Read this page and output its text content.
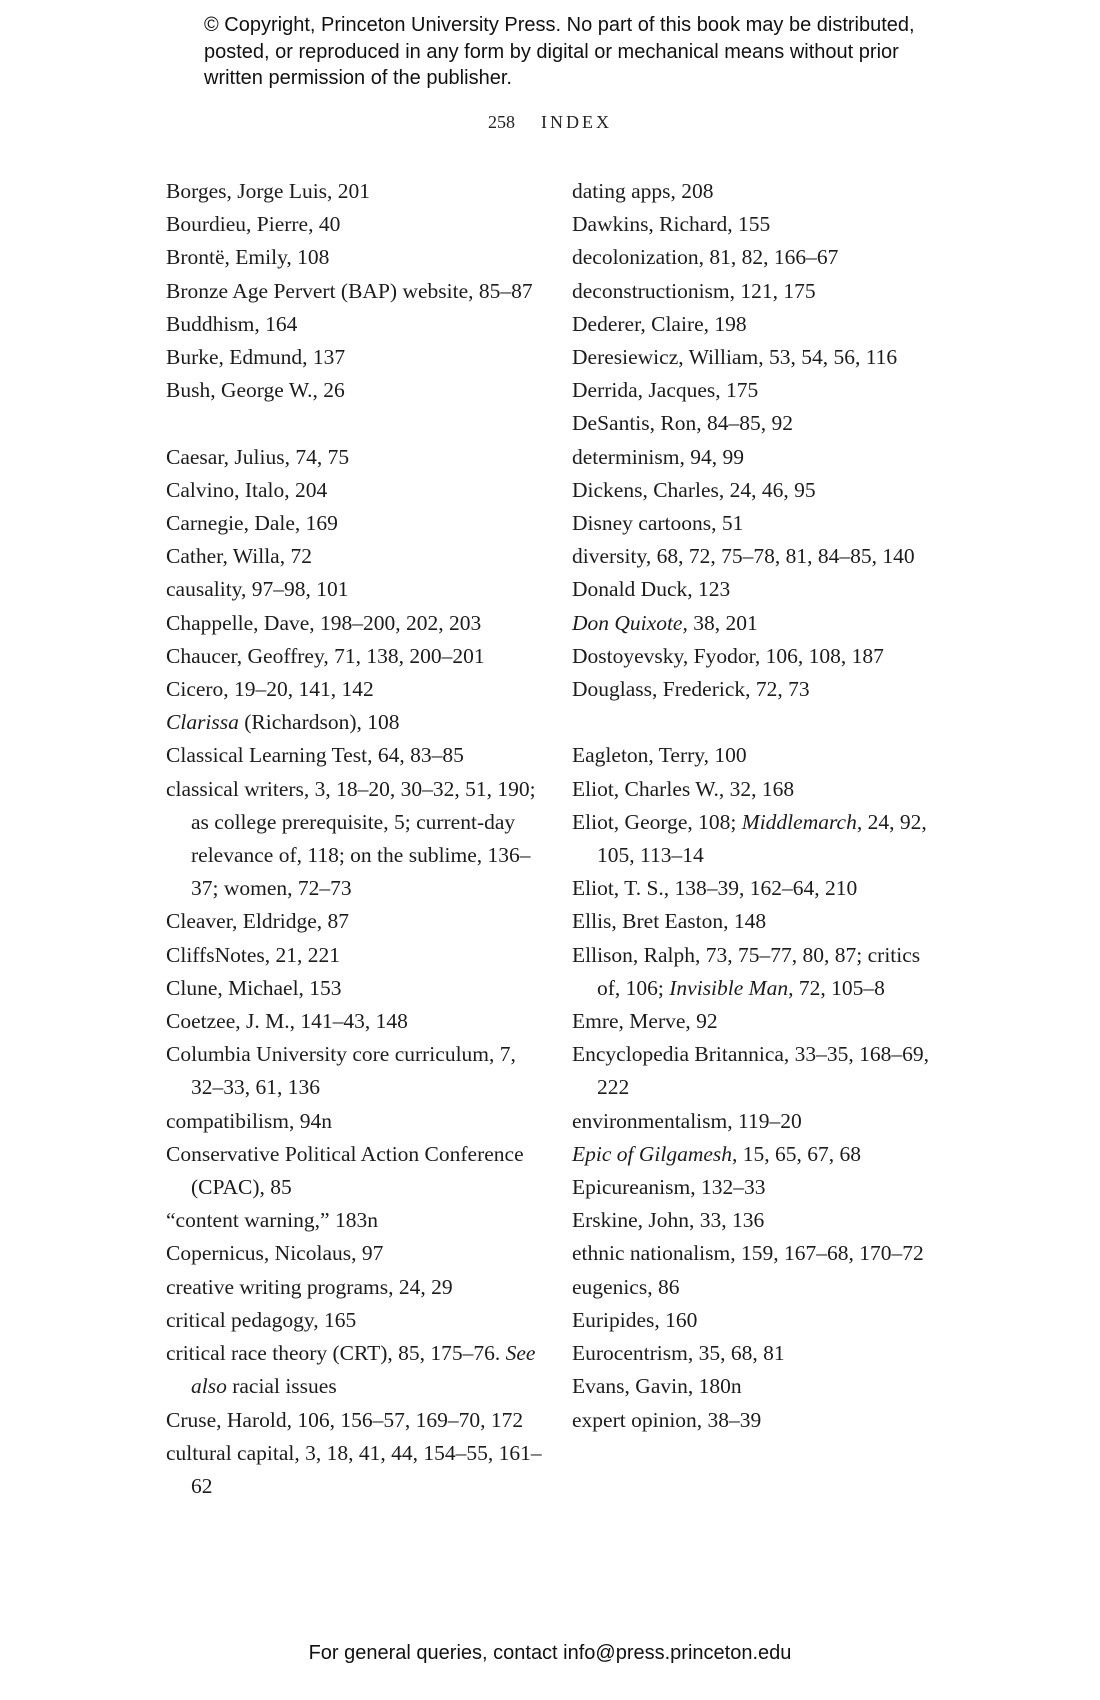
© Copyright, Princeton University Press. No part of this book may be distributed, posted, or reproduced in any form by digital or mechanical means without prior written permission of the publisher.
258 INDEX
Borges, Jorge Luis, 201
Bourdieu, Pierre, 40
Brontë, Emily, 108
Bronze Age Pervert (BAP) website, 85–87
Buddhism, 164
Burke, Edmund, 137
Bush, George W., 26
Caesar, Julius, 74, 75
Calvino, Italo, 204
Carnegie, Dale, 169
Cather, Willa, 72
causality, 97–98, 101
Chappelle, Dave, 198–200, 202, 203
Chaucer, Geoffrey, 71, 138, 200–201
Cicero, 19–20, 141, 142
Clarissa (Richardson), 108
Classical Learning Test, 64, 83–85
classical writers, 3, 18–20, 30–32, 51, 190; as college prerequisite, 5; current-day relevance of, 118; on the sublime, 136–37; women, 72–73
Cleaver, Eldridge, 87
CliffsNotes, 21, 221
Clune, Michael, 153
Coetzee, J. M., 141–43, 148
Columbia University core curriculum, 7, 32–33, 61, 136
compatibilism, 94n
Conservative Political Action Conference (CPAC), 85
“content warning,” 183n
Copernicus, Nicolaus, 97
creative writing programs, 24, 29
critical pedagogy, 165
critical race theory (CRT), 85, 175–76. See also racial issues
Cruse, Harold, 106, 156–57, 169–70, 172
cultural capital, 3, 18, 41, 44, 154–55, 161–62
dating apps, 208
Dawkins, Richard, 155
decolonization, 81, 82, 166–67
deconstructionism, 121, 175
Dederer, Claire, 198
Deresiewicz, William, 53, 54, 56, 116
Derrida, Jacques, 175
DeSantis, Ron, 84–85, 92
determinism, 94, 99
Dickens, Charles, 24, 46, 95
Disney cartoons, 51
diversity, 68, 72, 75–78, 81, 84–85, 140
Donald Duck, 123
Don Quixote, 38, 201
Dostoyevsky, Fyodor, 106, 108, 187
Douglass, Frederick, 72, 73
Eagleton, Terry, 100
Eliot, Charles W., 32, 168
Eliot, George, 108; Middlemarch, 24, 92, 105, 113–14
Eliot, T. S., 138–39, 162–64, 210
Ellis, Bret Easton, 148
Ellison, Ralph, 73, 75–77, 80, 87; critics of, 106; Invisible Man, 72, 105–8
Emre, Merve, 92
Encyclopedia Britannica, 33–35, 168–69, 222
environmentalism, 119–20
Epic of Gilgamesh, 15, 65, 67, 68
Epicureanism, 132–33
Erskine, John, 33, 136
ethnic nationalism, 159, 167–68, 170–72
eugenics, 86
Euripides, 160
Eurocentrism, 35, 68, 81
Evans, Gavin, 180n
expert opinion, 38–39
For general queries, contact info@press.princeton.edu
